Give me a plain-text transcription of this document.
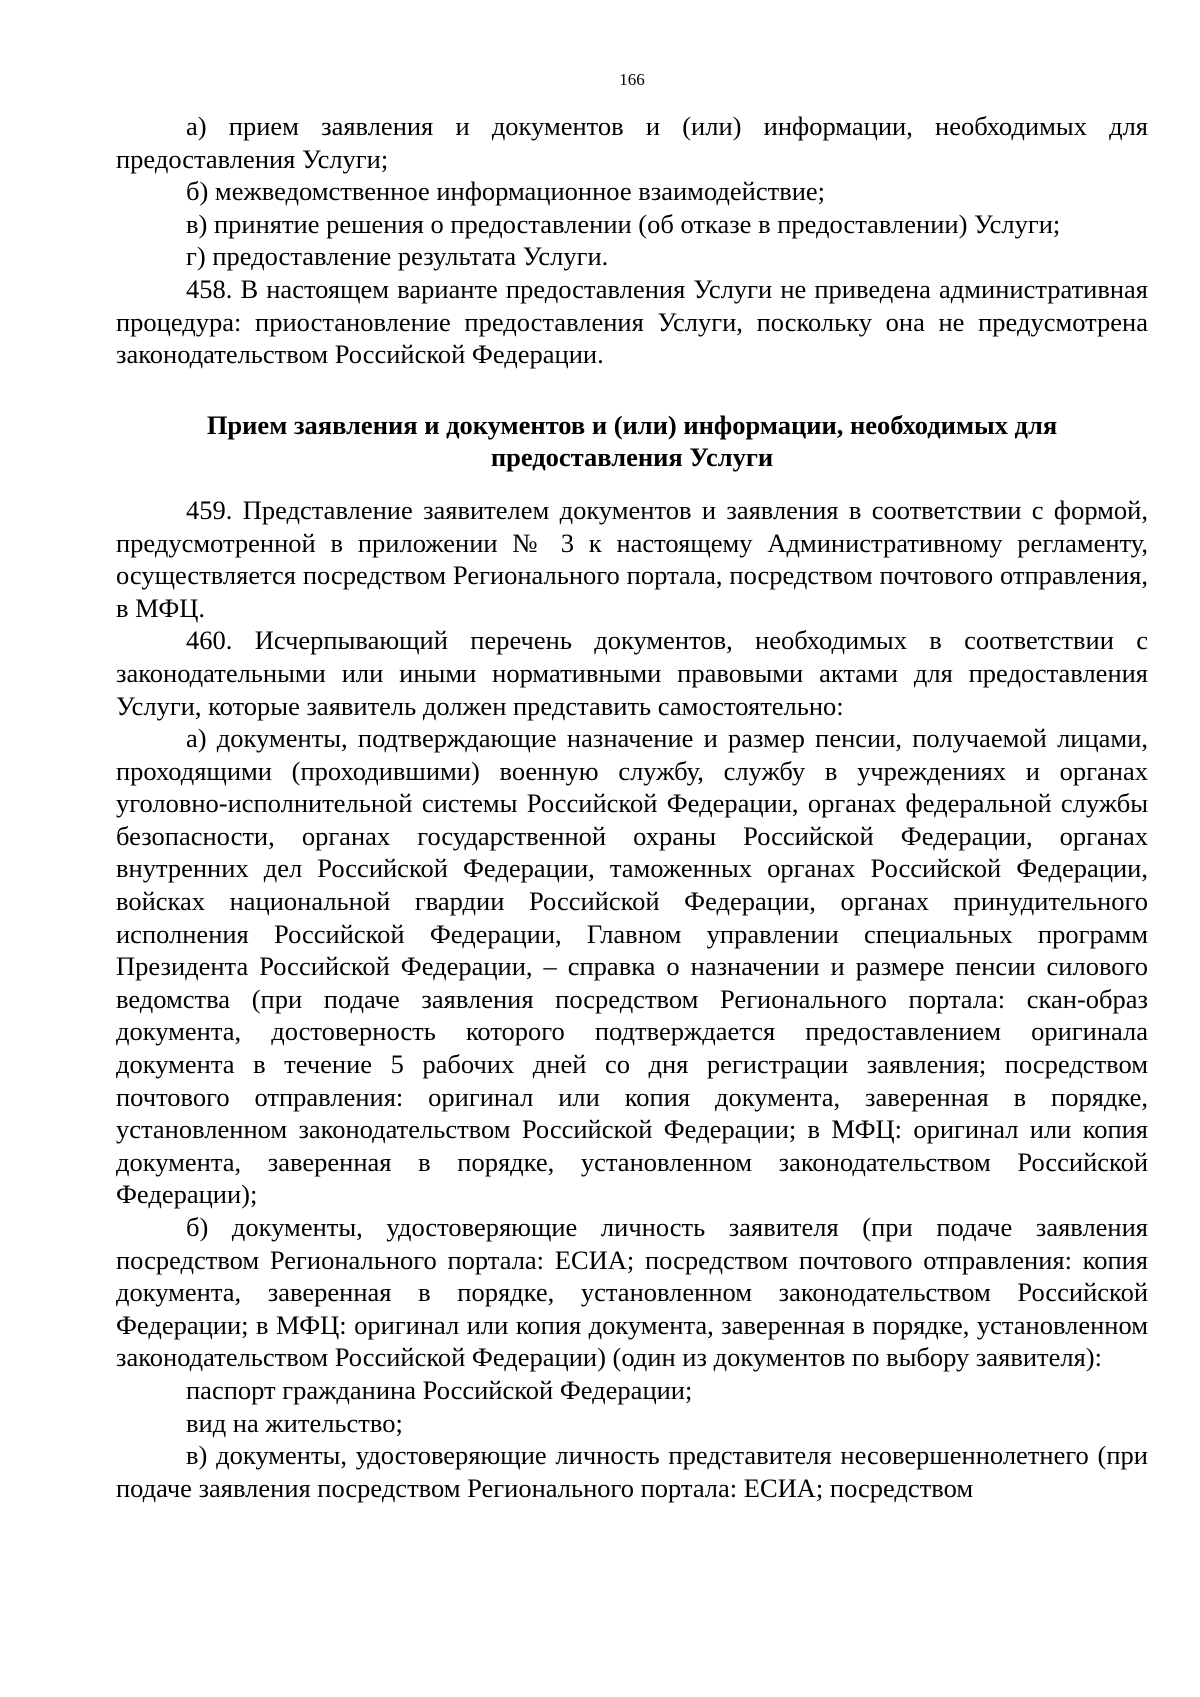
166

а) прием заявления и документов и (или) информации, необходимых для предоставления Услуги;

б) межведомственное информационное взаимодействие;

в) принятие решения о предоставлении (об отказе в предоставлении) Услуги;

г) предоставление результата Услуги.

458. В настоящем варианте предоставления Услуги не приведена административная процедура: приостановление предоставления Услуги, поскольку она не предусмотрена законодательством Российской Федерации.

Прием заявления и документов и (или) информации, необходимых для предоставления Услуги

459. Представление заявителем документов и заявления в соответствии с формой, предусмотренной в приложении № 3 к настоящему Административному регламенту, осуществляется посредством Регионального портала, посредством почтового отправления, в МФЦ.

460. Исчерпывающий перечень документов, необходимых в соответствии с законодательными или иными нормативными правовыми актами для предоставления Услуги, которые заявитель должен представить самостоятельно:

а) документы, подтверждающие назначение и размер пенсии, получаемой лицами, проходящими (проходившими) военную службу, службу в учреждениях и органах уголовно-исполнительной системы Российской Федерации, органах федеральной службы безопасности, органах государственной охраны Российской Федерации, органах внутренних дел Российской Федерации, таможенных органах Российской Федерации, войсках национальной гвардии Российской Федерации, органах принудительного исполнения Российской Федерации, Главном управлении специальных программ Президента Российской Федерации, – справка о назначении и размере пенсии силового ведомства (при подаче заявления посредством Регионального портала: скан-образ документа, достоверность которого подтверждается предоставлением оригинала документа в течение 5 рабочих дней со дня регистрации заявления; посредством почтового отправления: оригинал или копия документа, заверенная в порядке, установленном законодательством Российской Федерации; в МФЦ: оригинал или копия документа, заверенная в порядке, установленном законодательством Российской Федерации);

б) документы, удостоверяющие личность заявителя (при подаче заявления посредством Регионального портала: ЕСИА; посредством почтового отправления: копия документа, заверенная в порядке, установленном законодательством Российской Федерации; в МФЦ: оригинал или копия документа, заверенная в порядке, установленном законодательством Российской Федерации) (один из документов по выбору заявителя):

паспорт гражданина Российской Федерации;

вид на жительство;

в) документы, удостоверяющие личность представителя несовершеннолетнего (при подаче заявления посредством Регионального портала: ЕСИА; посредством
